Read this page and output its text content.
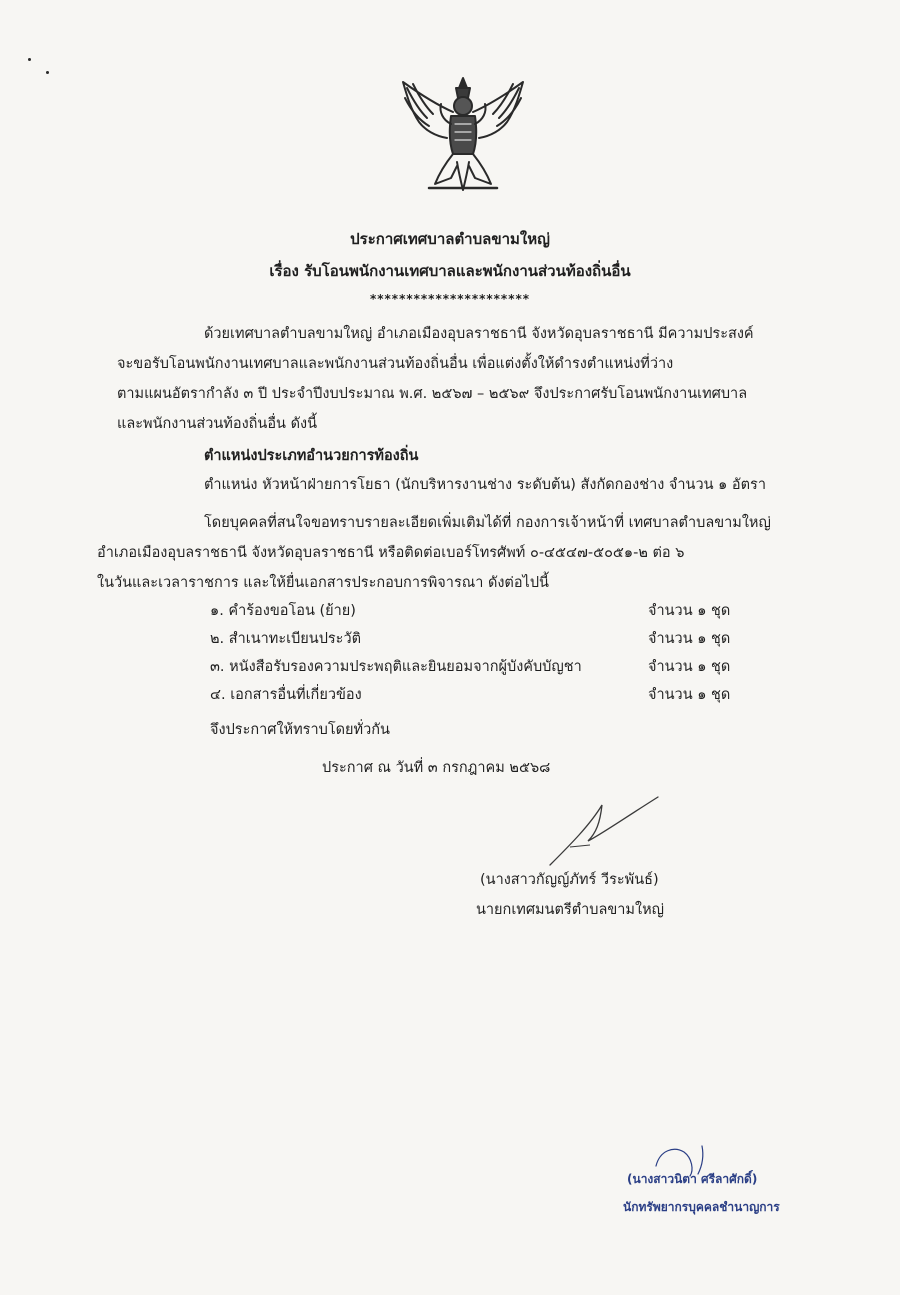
ประกาศเทศบาลตำบลขามใหญ่
เรื่อง รับโอนพนักงานเทศบาลและพนักงานส่วนท้องถิ่นอื่น
**********************
ด้วยเทศบาลตำบลขามใหญ่ อำเภอเมืองอุบลราชธานี จังหวัดอุบลราชธานี มีความประสงค์
จะขอรับโอนพนักงานเทศบาลและพนักงานส่วนท้องถิ่นอื่น เพื่อแต่งตั้งให้ดำรงตำแหน่งที่ว่าง
ตามแผนอัตรากำลัง ๓ ปี ประจำปีงบประมาณ พ.ศ. ๒๕๖๗ – ๒๕๖๙ จึงประกาศรับโอนพนักงานเทศบาล
และพนักงานส่วนท้องถิ่นอื่น ดังนี้
ตำแหน่งประเภทอำนวยการท้องถิ่น
ตำแหน่ง หัวหน้าฝ่ายการโยธา (นักบริหารงานช่าง ระดับต้น) สังกัดกองช่าง จำนวน ๑ อัตรา
โดยบุคคลที่สนใจขอทราบรายละเอียดเพิ่มเติมได้ที่ กองการเจ้าหน้าที่ เทศบาลตำบลขามใหญ่
อำเภอเมืองอุบลราชธานี จังหวัดอุบลราชธานี หรือติดต่อเบอร์โทรศัพท์ ๐-๔๕๔๗-๕๐๕๑-๒ ต่อ ๖
ในวันและเวลาราชการ และให้ยื่นเอกสารประกอบการพิจารณา ดังต่อไปนี้
๑. คำร้องขอโอน (ย้าย)	จำนวน ๑ ชุด
๒. สำเนาทะเบียนประวัติ	จำนวน ๑ ชุด
๓. หนังสือรับรองความประพฤติและยินยอมจากผู้บังคับบัญชา	จำนวน ๑ ชุด
๔. เอกสารอื่นที่เกี่ยวข้อง	จำนวน ๑ ชุด
จึงประกาศให้ทราบโดยทั่วกัน
ประกาศ ณ วันที่ ๓ กรกฎาคม ๒๕๖๘
(นางสาวกัญญ์ภัทร์ วีระพันธ์)
นายกเทศมนตรีตำบลขามใหญ่
(นางสาวนิตา ศรีลาศักดิ์)
นักทรัพยากรบุคคลชำนาญการ
